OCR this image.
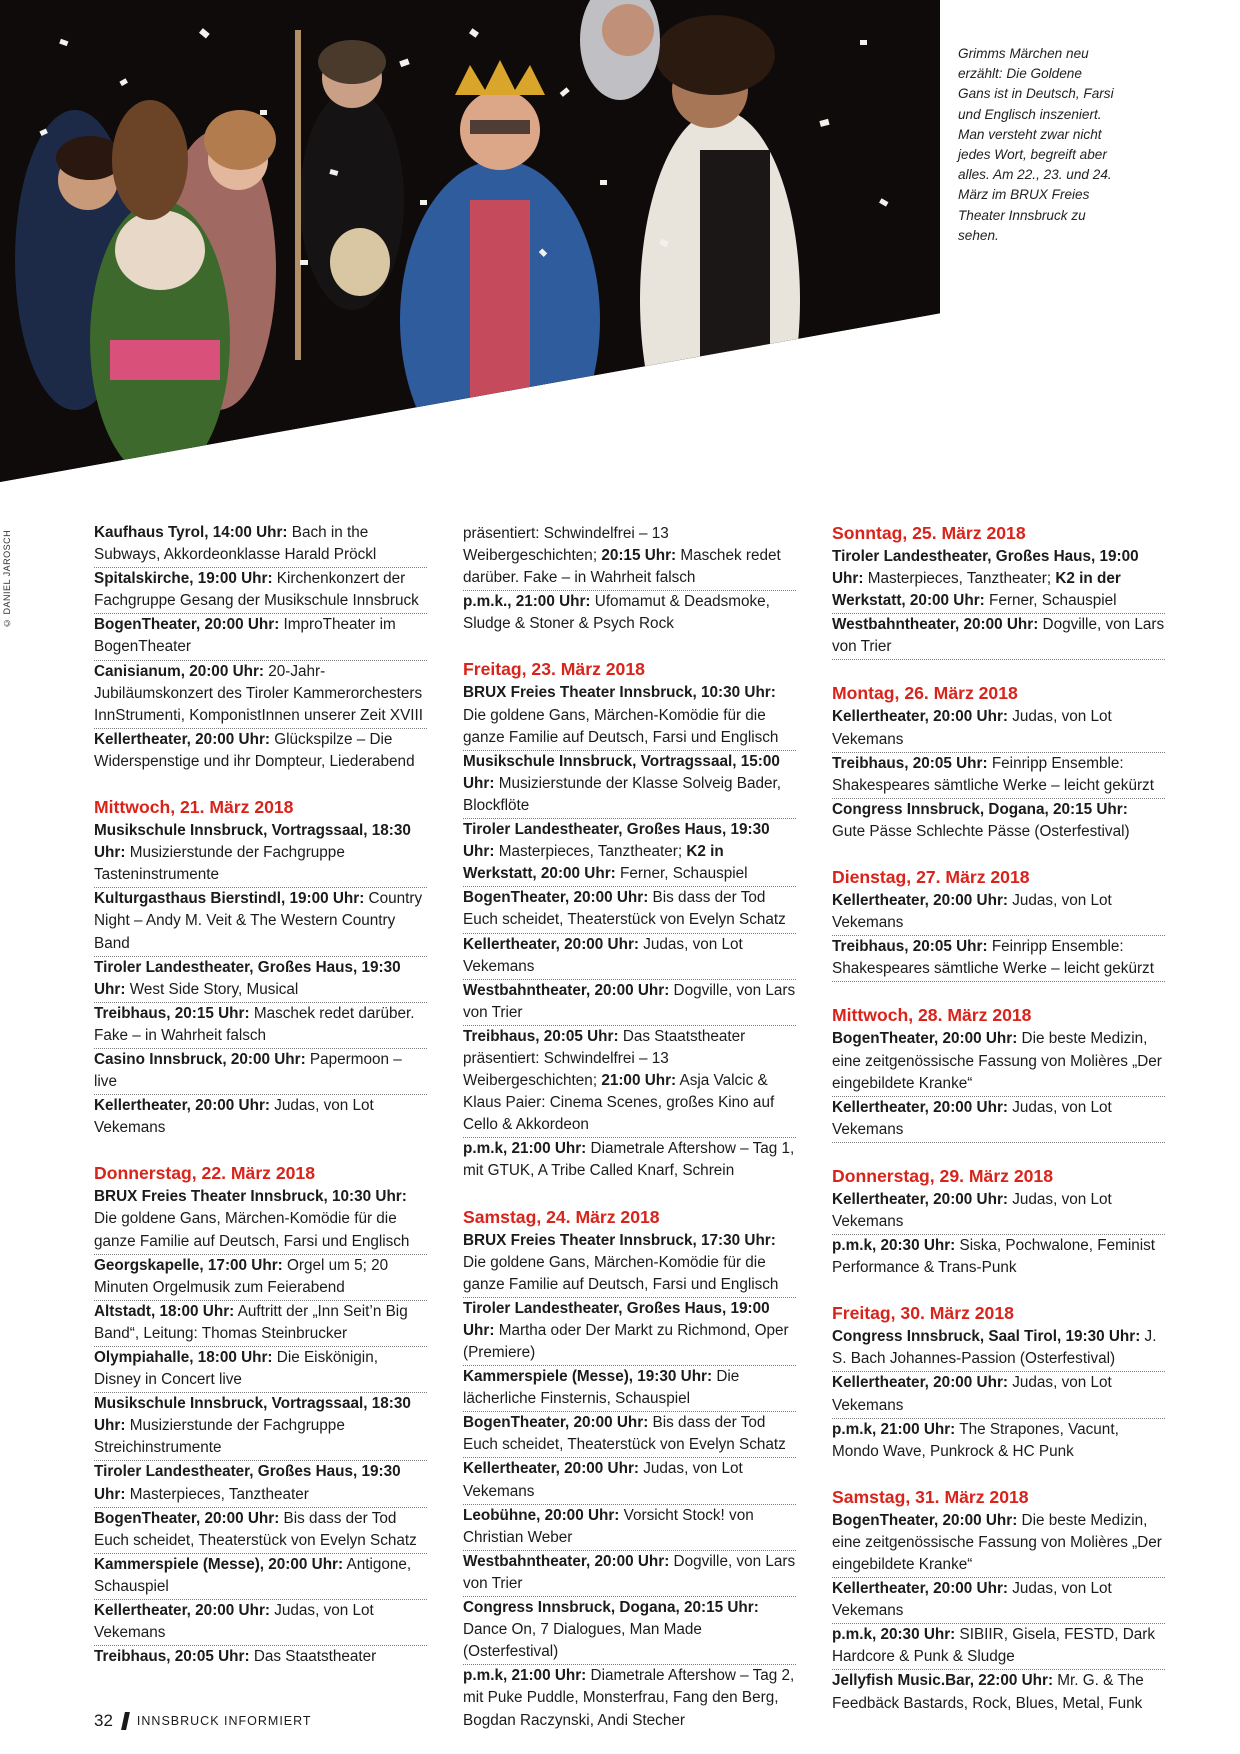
© DANIEL JAROSCH
Grimms Märchen neu erzählt: Die Goldene Gans ist in Deutsch, Farsi und Englisch inszeniert. Man versteht zwar nicht jedes Wort, begreift aber alles. Am 22., 23. und 24. März im BRUX Freies Theater Innsbruck zu sehen.
Kaufhaus Tyrol, 14:00 Uhr: Bach in the Subways, Akkordeonklasse Harald Pröckl
Spitalskirche, 19:00 Uhr: Kirchenkonzert der Fachgruppe Gesang der Musikschule Innsbruck
BogenTheater, 20:00 Uhr: ImproTheater im BogenTheater
Canisianum, 20:00 Uhr: 20-Jahr-Jubiläumskonzert des Tiroler Kammerorchesters InnStrumenti, KomponistInnen unserer Zeit XVIII
Kellertheater, 20:00 Uhr: Glückspilze – Die Widerspenstige und ihr Dompteur, Liederabend
Mittwoch, 21. März 2018
Musikschule Innsbruck, Vortragssaal, 18:30 Uhr: Musizierstunde der Fachgruppe Tasteninstrumente
Kulturgasthaus Bierstindl, 19:00 Uhr: Country Night – Andy M. Veit & The Western Country Band
Tiroler Landestheater, Großes Haus, 19:30 Uhr: West Side Story, Musical
Treibhaus, 20:15 Uhr: Maschek redet darüber. Fake – in Wahrheit falsch
Casino Innsbruck, 20:00 Uhr: Papermoon – live
Kellertheater, 20:00 Uhr: Judas, von Lot Vekemans
Donnerstag, 22. März 2018
BRUX Freies Theater Innsbruck, 10:30 Uhr: Die goldene Gans, Märchen-Komödie für die ganze Familie auf Deutsch, Farsi und Englisch
Georgskapelle, 17:00 Uhr: Orgel um 5; 20 Minuten Orgelmusik zum Feierabend
Altstadt, 18:00 Uhr: Auftritt der „Inn Seit’n Big Band“, Leitung: Thomas Steinbrucker
Olympiahalle, 18:00 Uhr: Die Eiskönigin, Disney in Concert live
Musikschule Innsbruck, Vortragssaal, 18:30 Uhr: Musizierstunde der Fachgruppe Streichinstrumente
Tiroler Landestheater, Großes Haus, 19:30 Uhr: Masterpieces, Tanztheater
BogenTheater, 20:00 Uhr: Bis dass der Tod Euch scheidet, Theaterstück von Evelyn Schatz
Kammerspiele (Messe), 20:00 Uhr: Antigone, Schauspiel
Kellertheater, 20:00 Uhr: Judas, von Lot Vekemans
Treibhaus, 20:05 Uhr: Das Staatstheater
präsentiert: Schwindelfrei – 13 Weibergeschichten; 20:15 Uhr: Maschek redet darüber. Fake – in Wahrheit falsch
p.m.k., 21:00 Uhr: Ufomamut & Deadsmoke, Sludge & Stoner & Psych Rock
Freitag, 23. März 2018
BRUX Freies Theater Innsbruck, 10:30 Uhr: Die goldene Gans, Märchen-Komödie für die ganze Familie auf Deutsch, Farsi und Englisch
Musikschule Innsbruck, Vortragssaal, 15:00 Uhr: Musizierstunde der Klasse Solveig Bader, Blockflöte
Tiroler Landestheater, Großes Haus, 19:30 Uhr: Masterpieces, Tanztheater; K2 in Werkstatt, 20:00 Uhr: Ferner, Schauspiel
BogenTheater, 20:00 Uhr: Bis dass der Tod Euch scheidet, Theaterstück von Evelyn Schatz
Kellertheater, 20:00 Uhr: Judas, von Lot Vekemans
Westbahntheater, 20:00 Uhr: Dogville, von Lars von Trier
Treibhaus, 20:05 Uhr: Das Staatstheater präsentiert: Schwindelfrei – 13 Weibergeschichten; 21:00 Uhr: Asja Valcic & Klaus Paier: Cinema Scenes, großes Kino auf Cello & Akkordeon
p.m.k, 21:00 Uhr: Diametrale Aftershow – Tag 1, mit GTUK, A Tribe Called Knarf, Schrein
Samstag, 24. März 2018
BRUX Freies Theater Innsbruck, 17:30 Uhr: Die goldene Gans, Märchen-Komödie für die ganze Familie auf Deutsch, Farsi und Englisch
Tiroler Landestheater, Großes Haus, 19:00 Uhr: Martha oder Der Markt zu Richmond, Oper (Premiere)
Kammerspiele (Messe), 19:30 Uhr: Die lächerliche Finsternis, Schauspiel
BogenTheater, 20:00 Uhr: Bis dass der Tod Euch scheidet, Theaterstück von Evelyn Schatz
Kellertheater, 20:00 Uhr: Judas, von Lot Vekemans
Leobühne, 20:00 Uhr: Vorsicht Stock! von Christian Weber
Westbahntheater, 20:00 Uhr: Dogville, von Lars von Trier
Congress Innsbruck, Dogana, 20:15 Uhr: Dance On, 7 Dialogues, Man Made (Osterfestival)
p.m.k, 21:00 Uhr: Diametrale Aftershow – Tag 2, mit Puke Puddle, Monsterfrau, Fang den Berg, Bogdan Raczynski, Andi Stecher
Sonntag, 25. März 2018
Tiroler Landestheater, Großes Haus, 19:00 Uhr: Masterpieces, Tanztheater; K2 in der Werkstatt, 20:00 Uhr: Ferner, Schauspiel
Westbahntheater, 20:00 Uhr: Dogville, von Lars von Trier
Montag, 26. März 2018
Kellertheater, 20:00 Uhr: Judas, von Lot Vekemans
Treibhaus, 20:05 Uhr: Feinripp Ensemble: Shakespeares sämtliche Werke – leicht gekürzt
Congress Innsbruck, Dogana, 20:15 Uhr: Gute Pässe Schlechte Pässe (Osterfestival)
Dienstag, 27. März 2018
Kellertheater, 20:00 Uhr: Judas, von Lot Vekemans
Treibhaus, 20:05 Uhr: Feinripp Ensemble: Shakespeares sämtliche Werke – leicht gekürzt
Mittwoch, 28. März 2018
BogenTheater, 20:00 Uhr: Die beste Medizin, eine zeitgenössische Fassung von Molières „Der eingebildete Kranke“
Kellertheater, 20:00 Uhr: Judas, von Lot Vekemans
Donnerstag, 29. März 2018
Kellertheater, 20:00 Uhr: Judas, von Lot Vekemans
p.m.k, 20:30 Uhr: Siska, Pochwalone, Feminist Performance & Trans-Punk
Freitag, 30. März 2018
Congress Innsbruck, Saal Tirol, 19:30 Uhr: J. S. Bach Johannes-Passion (Osterfestival)
Kellertheater, 20:00 Uhr: Judas, von Lot Vekemans
p.m.k, 21:00 Uhr: The Strapones, Vacunt, Mondo Wave, Punkrock & HC Punk
Samstag, 31. März 2018
BogenTheater, 20:00 Uhr: Die beste Medizin, eine zeitgenössische Fassung von Molières „Der eingebildete Kranke“
Kellertheater, 20:00 Uhr: Judas, von Lot Vekemans
p.m.k, 20:30 Uhr: SIBIIR, Gisela, FESTD, Dark Hardcore & Punk & Sludge
Jellyfish Music.Bar, 22:00 Uhr: Mr. G. & The Feedbäck Bastards, Rock, Blues, Metal, Funk
32 INNSBRUCK INFORMIERT
